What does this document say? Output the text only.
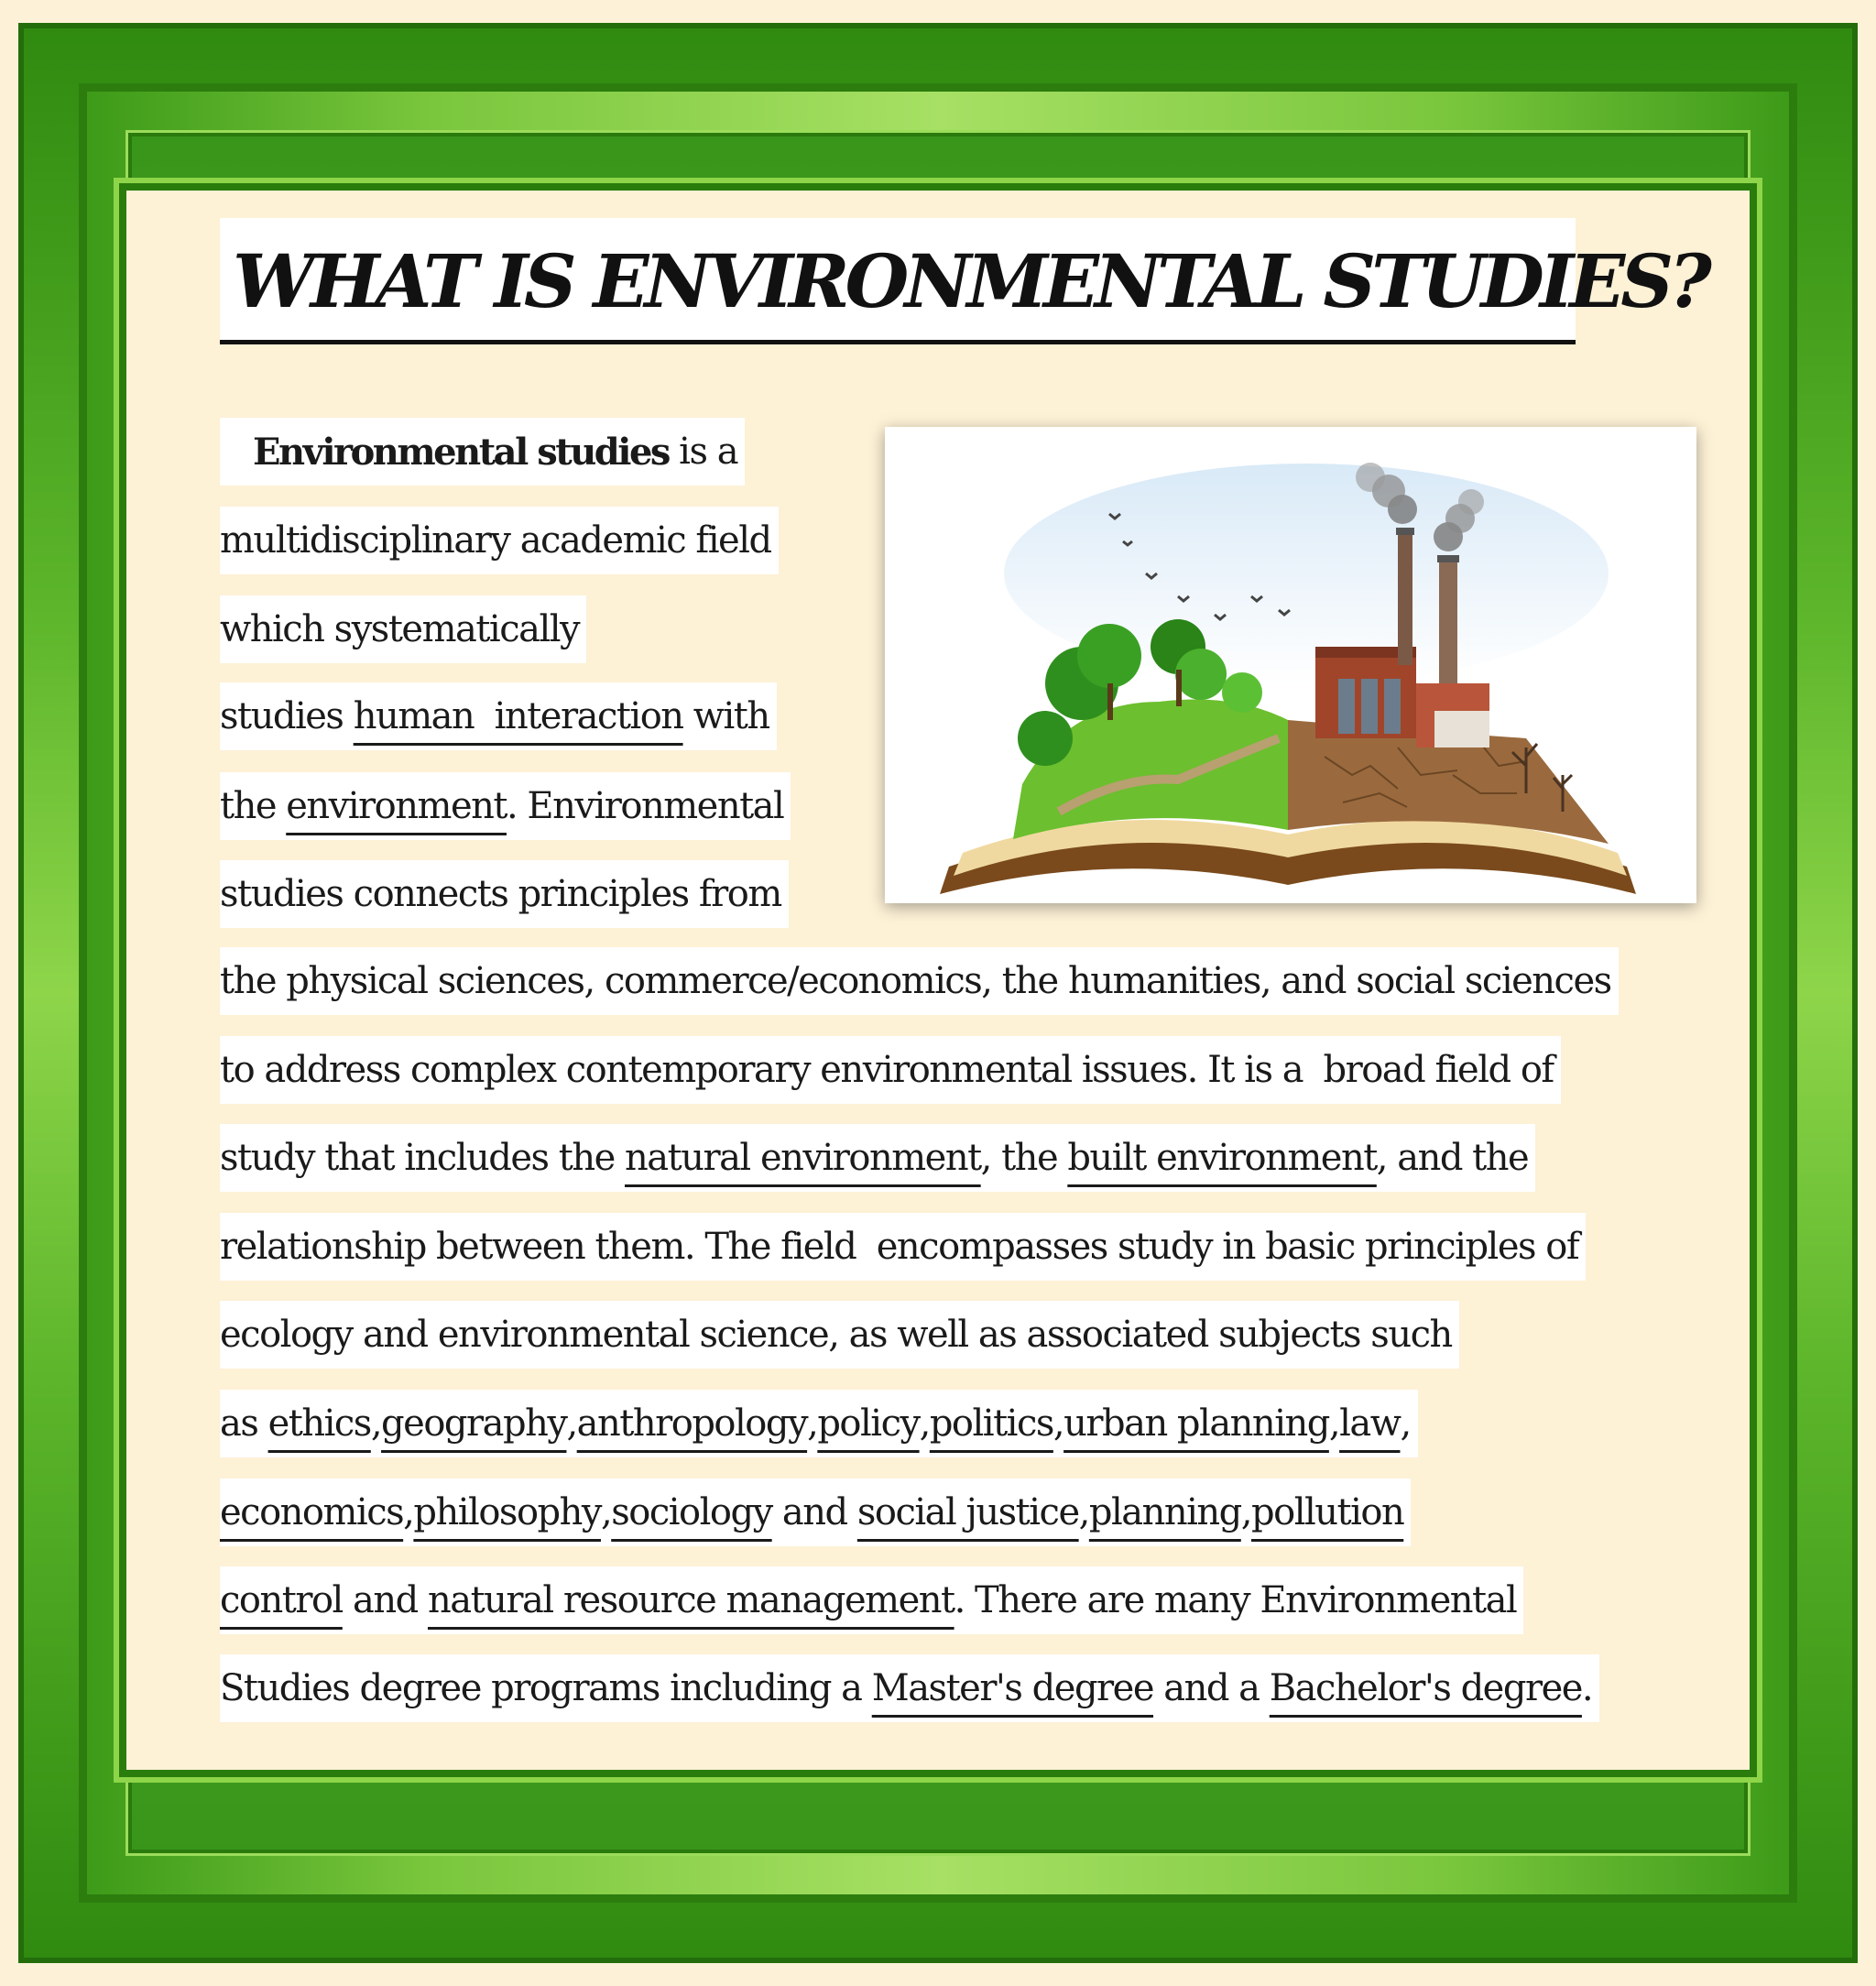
WHAT IS ENVIRONMENTAL STUDIES?
Environmental studies is a
multidisciplinary academic field
which systematically
studies human  interaction with
the environment . Environmental
studies connects principles from
the physical sciences, commerce/economics, the humanities, and social sciences
to address complex contemporary environmental issues. It is a  broad field of
study that includes the natural environment , the built environment , and the
relationship between them. The field  encompasses study in basic principles of
ecology and environmental science, as well as associated subjects such
as ethics , geography , anthropology , policy , politics , urban planning , law ,
economics , philosophy , sociology and social justice , planning , pollution
control and natural resource management . There are many Environmental
Studies degree programs including a Master's degree and a Bachelor's degree .
